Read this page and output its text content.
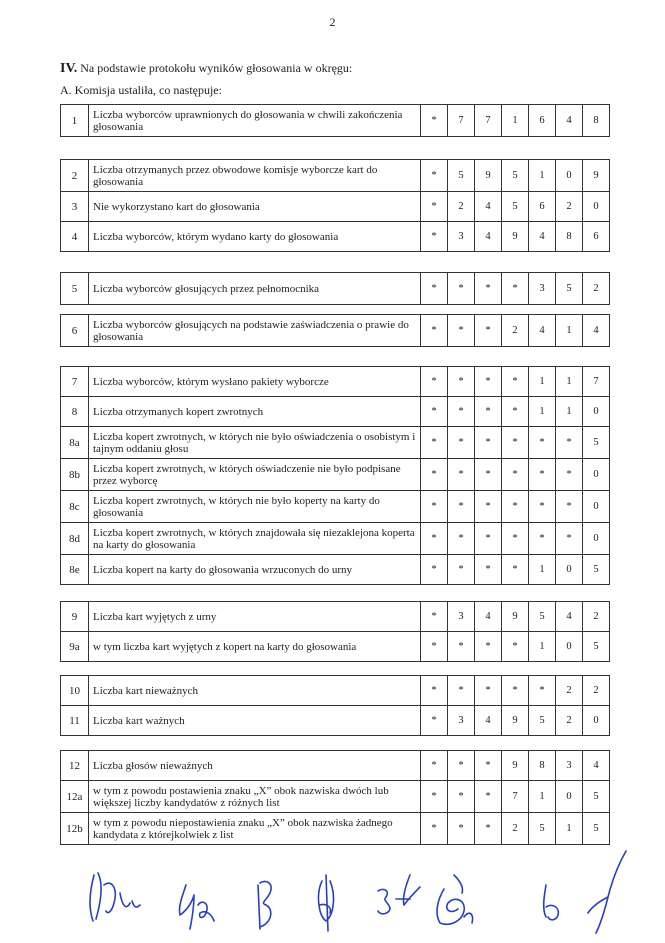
2
IV. Na podstawie protokołu wyników głosowania w okręgu:
A. Komisja ustaliła, co następuje:
1	Liczba wyborców uprawnionych do głosowania w chwili zakończenia głosowania	*	7	7	1	6	4	8
2	Liczba otrzymanych przez obwodowe komisje wyborcze kart do głosowania	*	5	9	5	1	0	9
3	Nie wykorzystano kart do głosowania	*	2	4	5	6	2	0
4	Liczba wyborców, którym wydano karty do głosowania	*	3	4	9	4	8	6
5	Liczba wyborców głosujących przez pełnomocnika	*	*	*	*	3	5	2
6	Liczba wyborców głosujących na podstawie zaświadczenia o prawie do głosowania	*	*	*	2	4	1	4
7	Liczba wyborców, którym wysłano pakiety wyborcze	*	*	*	*	1	1	7
8	Liczba otrzymanych kopert zwrotnych	*	*	*	*	1	1	0
8a	Liczba kopert zwrotnych, w których nie było oświadczenia o osobistym i tajnym oddaniu głosu	*	*	*	*	*	*	5
8b	Liczba kopert zwrotnych, w których oświadczenie nie było podpisane przez wyborcę	*	*	*	*	*	*	0
8c	Liczba kopert zwrotnych, w których nie było koperty na karty do głosowania	*	*	*	*	*	*	0
8d	Liczba kopert zwrotnych, w których znajdowała się niezaklejona koperta na karty do głosowania	*	*	*	*	*	*	0
8e	Liczba kopert na karty do głosowania wrzuconych do urny	*	*	*	*	1	0	5
9	Liczba kart wyjętych z urny	*	3	4	9	5	4	2
9a	w tym liczba kart wyjętych z kopert na karty do głosowania	*	*	*	*	1	0	5
10	Liczba kart nieważnych	*	*	*	*	*	2	2
11	Liczba kart ważnych	*	3	4	9	5	2	0
12	Liczba głosów nieważnych	*	*	*	9	8	3	4
12a	w tym z powodu postawienia znaku „X” obok nazwiska dwóch lub większej liczby kandydatów z różnych list	*	*	*	7	1	0	5
12b	w tym z powodu niepostawienia znaku „X” obok nazwiska żadnego kandydata z którejkolwiek z list	*	*	*	2	5	1	5
